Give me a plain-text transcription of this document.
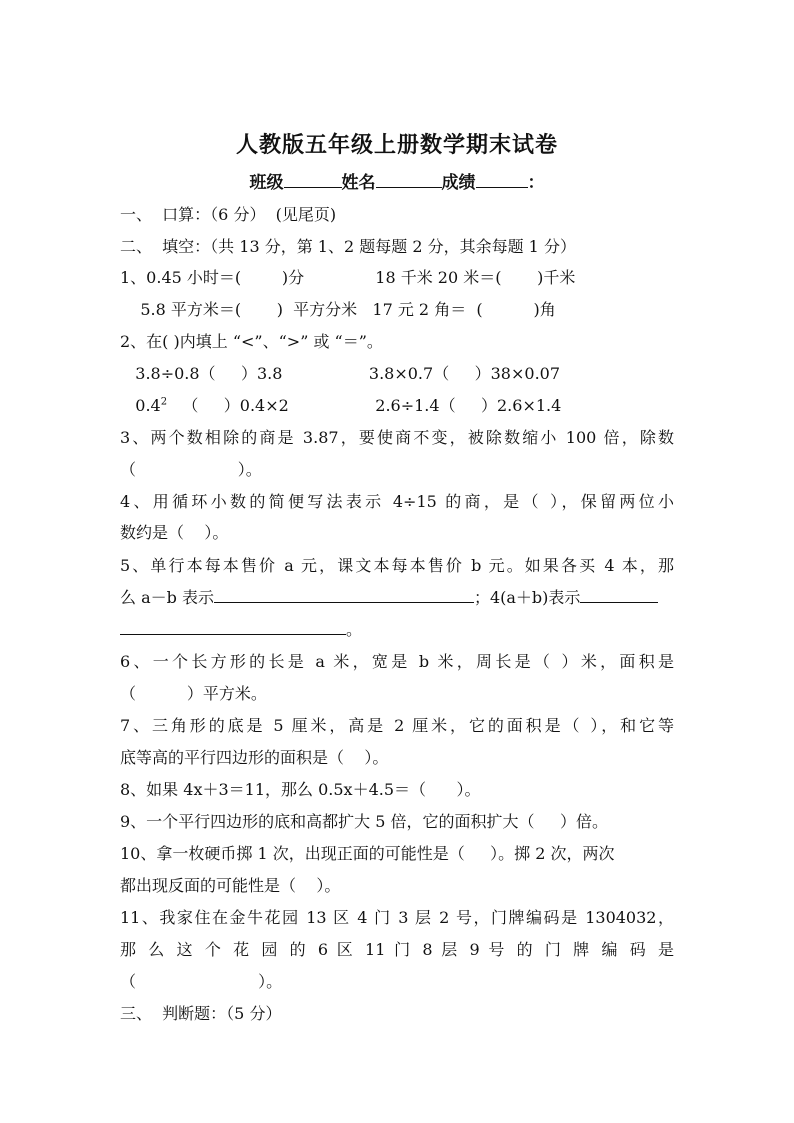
人教版五年级上册数学期末试卷
班级	姓名	成绩	：
一、  口算：（6 分）  (见尾页)
二、  填空：（共 13 分，第 1、2 题每题 2 分，其余每题 1 分）
1、0.45 小时＝(        )分              18 千米 20 米＝(       )千米
5.8 平方米＝(       )  平方分米   17 元 2 角＝  (          )角
2、在( )内填上 “<”、“>” 或 “＝”。
3.8÷0.8（     ）3.8                 3.8×0.7（     ）38×0.07
$0.4^2$   （     ）0.4×2                 2.6÷1.4（     ）2.6×1.4
3、两个数相除的商是 3.87，要使商不变，被除数缩小 100 倍，除数
（                    ）。
4、用循环小数的简便写法表示 4÷15 的商，是（ ），保留两位小
数约是（    ）。
5、单行本每本售价 a 元，课文本每本售价 b 元。如果各买 4 本，那
么 a－b 表示	；4(a＋b)表示
。
6、一个长方形的长是 a 米，宽是 b 米，周长是（ ）米，面积是
（          ）平方米。
7、三角形的底是 5 厘米，高是 2 厘米，它的面积是（ ），和它等
底等高的平行四边形的面积是（    ）。
8、如果 4x＋3＝11，那么 0.5x＋4.5＝（      ）。
9、一个平行四边形的底和高都扩大 5 倍，它的面积扩大（     ）倍。
10、拿一枚硬币掷 1 次，出现正面的可能性是（     ）。掷 2 次，两次
都出现反面的可能性是（    ）。
11、我家住在金牛花园 13 区 4 门 3 层 2 号，门牌编码是 1304032，
那 么 这 个 花 园 的 6 区 11 门 8 层 9 号 的 门 牌 编 码 是
（                        ）。
三、  判断题：（5 分）
